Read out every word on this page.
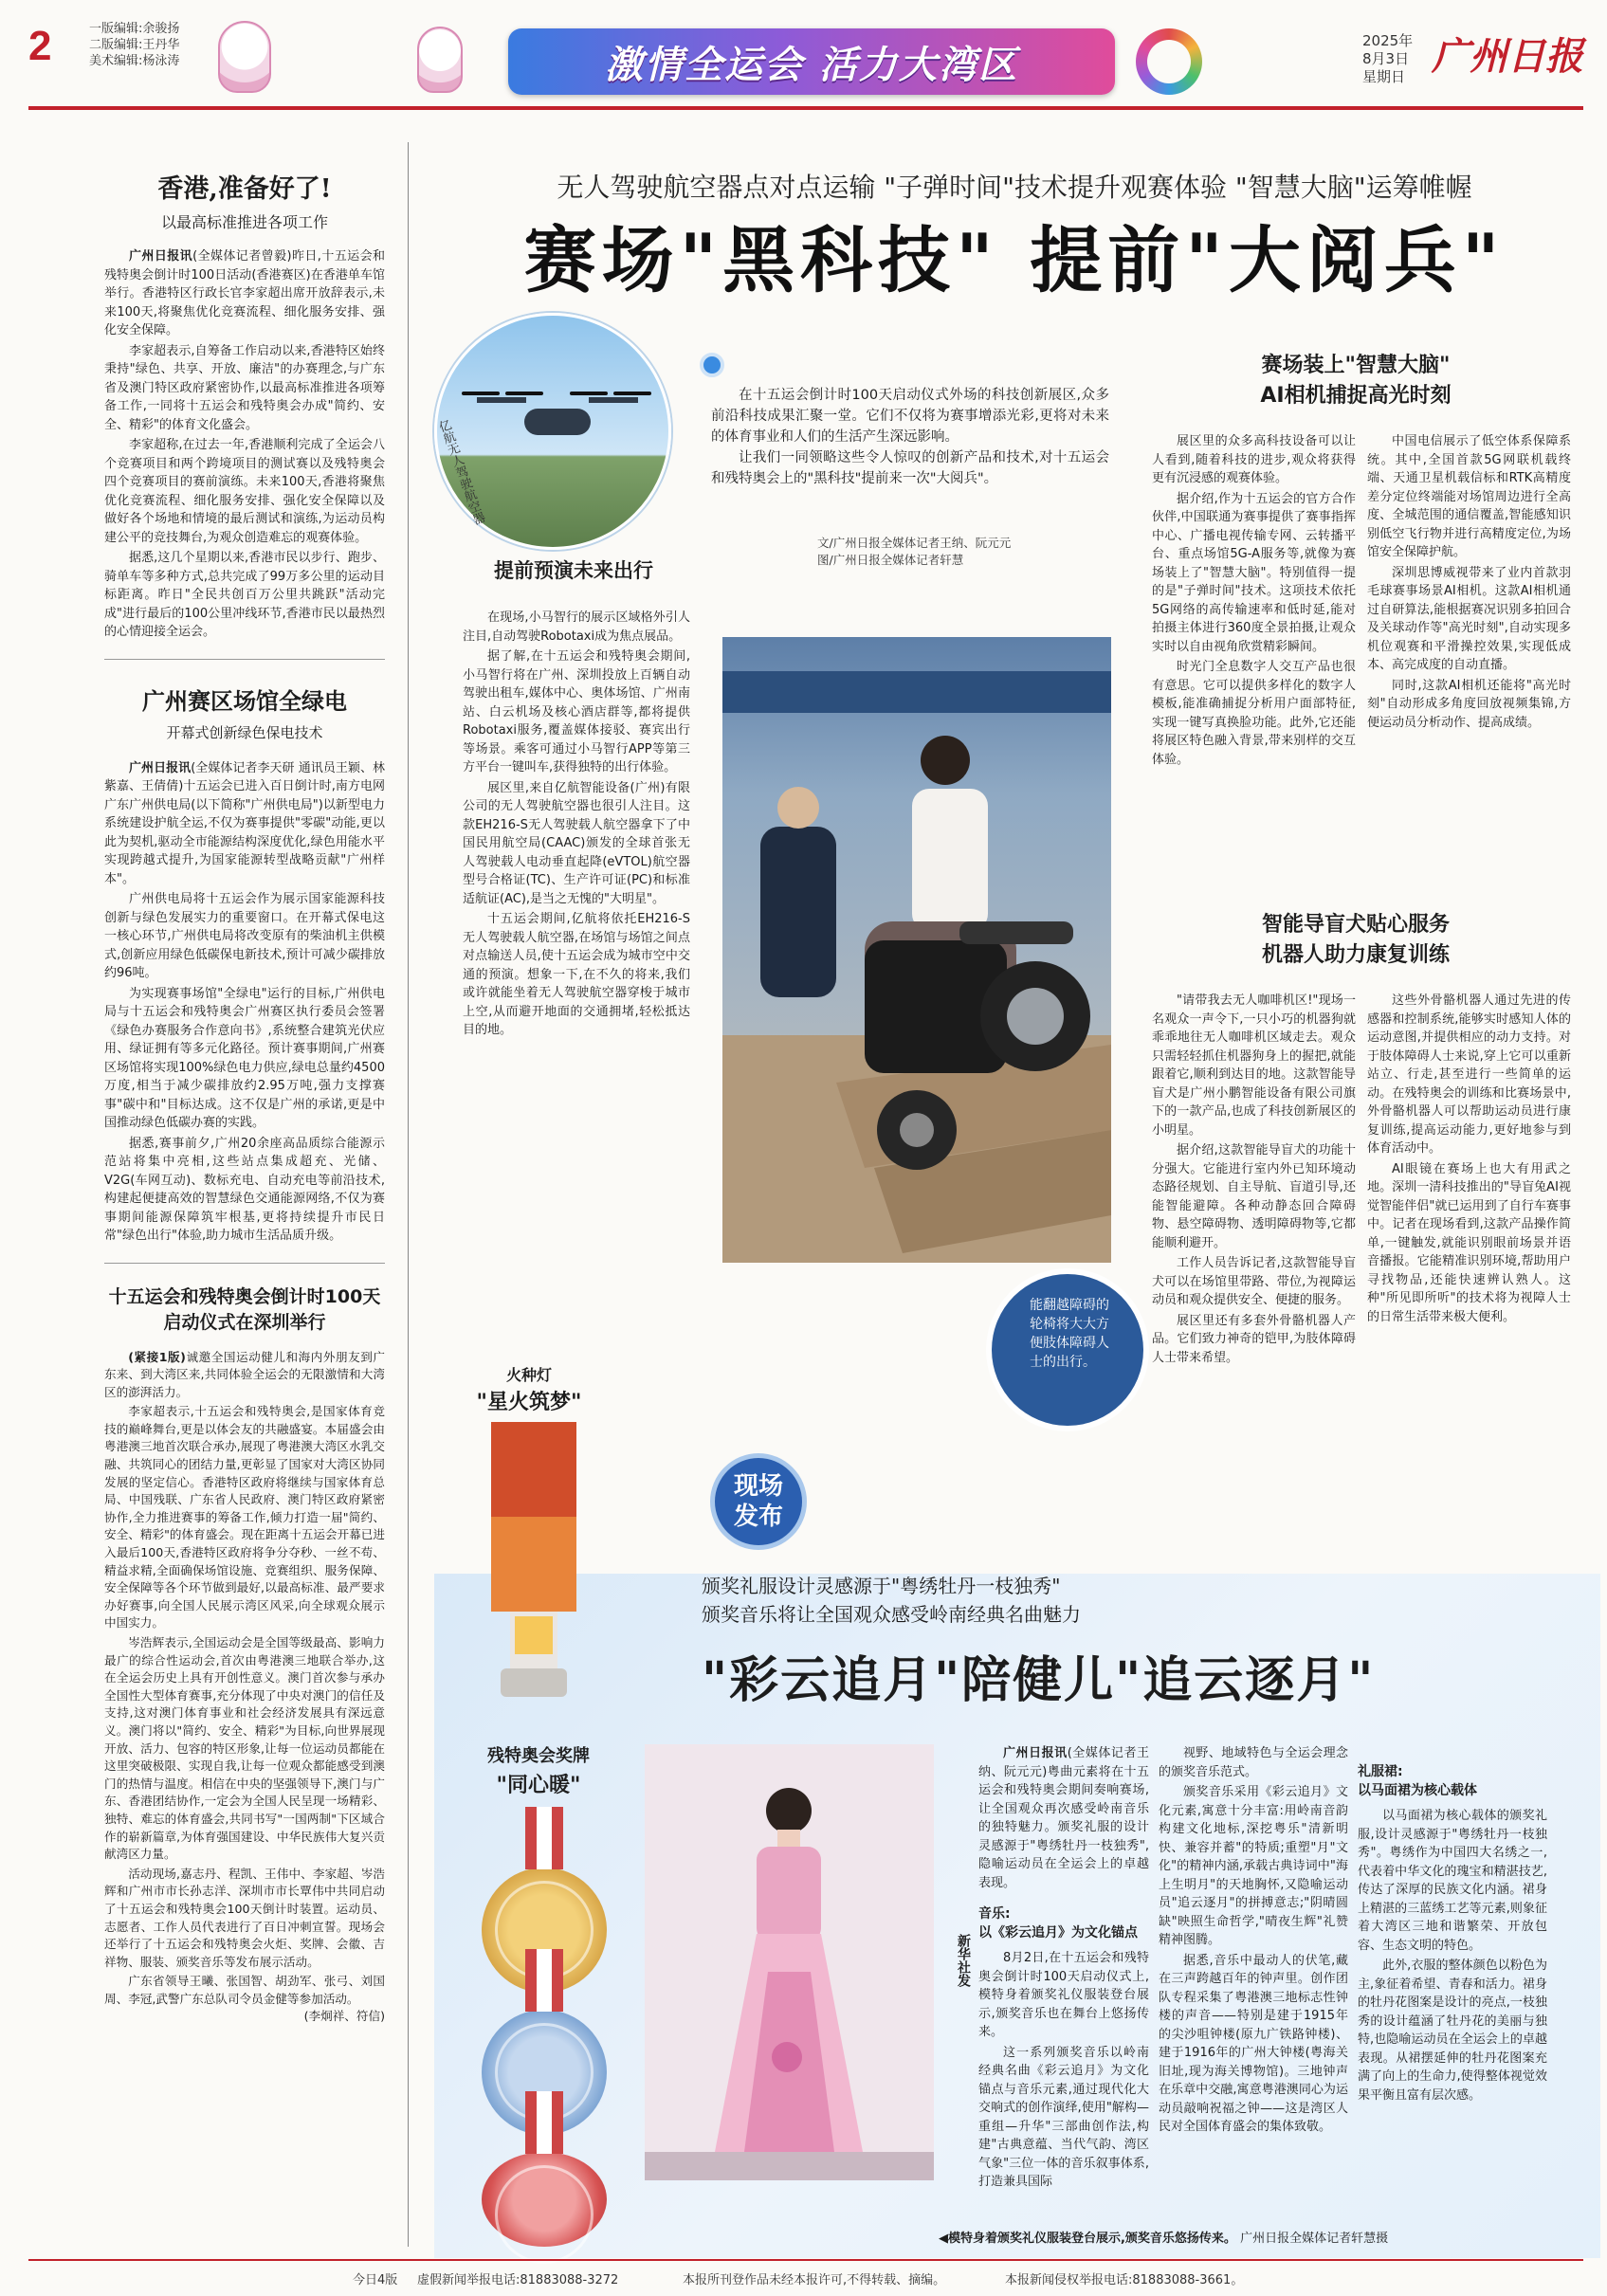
2	一版编辑:余骏扬
二版编辑:王丹华
美术编辑:杨泳涛	激情全运会 活力大湾区
2025年
8月3日
星期日 广州日报
香港,准备好了!
以最高标准推进各项工作

广州日报讯(全媒体记者曾毅)昨日,十五运会和残特奥会倒计时100日活动(香港赛区)在香港单车馆举行。香港特区行政长官李家超出席开放辞表示,未来100天,将聚焦优化竞赛流程、细化服务安排、强化安全保障。

李家超表示,自筹备工作启动以来,香港特区始终秉持"绿色、共享、开放、廉洁"的办赛理念,与广东省及澳门特区政府紧密协作,以最高标准推进各项筹备工作,一同将十五运会和残特奥会办成"简约、安全、精彩"的体育文化盛会。

李家超称,在过去一年,香港顺利完成了全运会八个竞赛项目和两个跨境项目的测试赛以及残特奥会四个竞赛项目的赛前演练。未来100天,香港将聚焦优化竞赛流程、细化服务安排、强化安全保障以及做好各个场地和情境的最后测试和演练,为运动员构建公平的竞技舞台,为观众创造难忘的观赛体验。

据悉,这几个星期以来,香港市民以步行、跑步、骑单车等多种方式,总共完成了99万多公里的运动目标距离。昨日"全民共创百万公里共跳跃"活动完成"进行最后的100公里冲线环节,香港市民以最热烈的心情迎接全运会。

广州赛区场馆全绿电
开幕式创新绿色保电技术

广州日报讯(全媒体记者李天研 通讯员王颖、林紫嘉、王倩倩)十五运会已进入百日倒计时,南方电网广东广州供电局(以下简称"广州供电局")以新型电力系统建设护航全运,不仅为赛事提供"零碳"动能,更以此为契机,驱动全市能源结构深度优化,绿色用能水平实现跨越式提升,为国家能源转型战略贡献"广州样本"。

广州供电局将十五运会作为展示国家能源科技创新与绿色发展实力的重要窗口。在开幕式保电这一核心环节,广州供电局将改变原有的柴油机主供模式,创新应用绿色低碳保电新技术,预计可减少碳排放约96吨。

为实现赛事场馆"全绿电"运行的目标,广州供电局与十五运会和残特奥会广州赛区执行委员会签署《绿色办赛服务合作意向书》,系统整合建筑光伏应用、绿证拥有等多元化路径。预计赛事期间,广州赛区场馆将实现100%绿色电力供应,绿电总量约4500万度,相当于减少碳排放约2.95万吨,强力支撑赛事"碳中和"目标达成。这不仅是广州的承诺,更是中国推动绿色低碳办赛的实践。

据悉,赛事前夕,广州20余座高品质综合能源示范站将集中亮相,这些站点集成超充、光储、V2G(车网互动)、数标充电、自动充电等前沿技术,构建起便捷高效的智慧绿色交通能源网络,不仅为赛事期间能源保障筑牢根基,更将持续提升市民日常"绿色出行"体验,助力城市生活品质升级。

十五运会和残特奥会倒计时100天启动仪式在深圳举行

(紧接1版)诚邀全国运动健儿和海内外朋友到广东来、到大湾区来,共同体验全运会的无限激情和大湾区的澎湃活力。

李家超表示,十五运会和残特奥会,是国家体育竞技的巅峰舞台,更是以体会友的共融盛宴。本届盛会由粤港澳三地首次联合承办,展现了粤港澳大湾区水乳交融、共筑同心的团结力量,更彰显了国家对大湾区协同发展的坚定信心。香港特区政府将继续与国家体育总局、中国残联、广东省人民政府、澳门特区政府紧密协作,全力推进赛事的筹备工作,倾力打造一届"简约、安全、精彩"的体育盛会。现在距离十五运会开幕已进入最后100天,香港特区政府将争分夺秒、一丝不苟、精益求精,全面确保场馆设施、竞赛组织、服务保障、安全保障等各个环节做到最好,以最高标准、最严要求办好赛事,向全国人民展示湾区风采,向全球观众展示中国实力。

岑浩辉表示,全国运动会是全国等级最高、影响力最广的综合性运动会,首次由粤港澳三地联合举办,这在全运会历史上具有开创性意义。澳门首次参与承办全国性大型体育赛事,充分体现了中央对澳门的信任及支持,这对澳门体育事业和社会经济发展具有深远意义。澳门将以"简约、安全、精彩"为目标,向世界展现开放、活力、包容的特区形象,让每一位运动员都能在这里突破极限、实现自我,让每一位观众都能感受到澳门的热情与温度。相信在中央的坚强领导下,澳门与广东、香港团结协作,一定会为全国人民呈现一场精彩、独特、难忘的体育盛会,共同书写"一国两制"下区域合作的崭新篇章,为体育强国建设、中华民族伟大复兴贡献湾区力量。

活动现场,嘉志丹、程凯、王伟中、李家超、岑浩辉和广州市市长孙志洋、深圳市市长覃伟中共同启动了十五运会和残特奥会100天倒计时装置。运动员、志愿者、工作人员代表进行了百日冲刺宣誓。现场会还举行了十五运会和残特奥会火炬、奖牌、会徽、吉祥物、服装、颁奖音乐等发布展示活动。

广东省领导王曦、张国智、胡劲军、张弓、刘国周、李冠,武警广东总队司令员金健等参加活动。
(李炯祥、符信)

无人驾驶航空器点对点运输 "子弹时间"技术提升观赛体验 "智慧大脑"运筹帷幄
赛场"黑科技" 提前"大阅兵"
亿航无人驾驶航空器

在十五运会倒计时100天启动仪式外场的科技创新展区,众多前沿科技成果汇聚一堂。它们不仅将为赛事增添光彩,更将对未来的体育事业和人们的生活产生深远影响。

让我们一同领略这些令人惊叹的创新产品和技术,对十五运会和残特奥会上的"黑科技"提前来一次"大阅兵"。

文/广州日报全媒体记者王纳、阮元元
图/广州日报全媒体记者轩慧
提前预演未来出行

在现场,小马智行的展示区域格外引人注目,自动驾驶Robotaxi成为焦点展品。

据了解,在十五运会和残特奥会期间,小马智行将在广州、深圳投放上百辆自动驾驶出租车,媒体中心、奥体场馆、广州南站、白云机场及核心酒店群等,都将提供Robotaxi服务,覆盖媒体接驳、赛宾出行等场景。乘客可通过小马智行APP等第三方平台一键叫车,获得独特的出行体验。

展区里,来自亿航智能设备(广州)有限公司的无人驾驶航空器也很引人注目。这款EH216-S无人驾驶载人航空器拿下了中国民用航空局(CAAC)颁发的全球首张无人驾驶载人电动垂直起降(eVTOL)航空器型号合格证(TC)、生产许可证(PC)和标准适航证(AC),是当之无愧的"大明星"。

十五运会期间,亿航将依托EH216-S无人驾驶载人航空器,在场馆与场馆之间点对点输送人员,使十五运会成为城市空中交通的预演。想象一下,在不久的将来,我们或许就能坐着无人驾驶航空器穿梭于城市上空,从而避开地面的交通拥堵,轻松抵达目的地。

能翻越障碍的轮椅将大大方便肢体障碍人士的出行。
赛场装上"智慧大脑"
AI相机捕捉高光时刻

展区里的众多高科技设备可以让人看到,随着科技的进步,观众将获得更有沉浸感的观赛体验。

据介绍,作为十五运会的官方合作伙伴,中国联通为赛事提供了赛事指挥中心、广播电视传输专网、云转播平台、重点场馆5G-A服务等,就像为赛场装上了"智慧大脑"。特别值得一提的是"子弹时间"技术。这项技术依托5G网络的高传输速率和低时延,能对拍摄主体进行360度全景拍摄,让观众实时以自由视角欣赏精彩瞬间。

时光门全息数字人交互产品也很有意思。它可以提供多样化的数字人模板,能准确捕捉分析用户面部特征,实现一键写真换脸功能。此外,它还能将展区特色融入背景,带来别样的交互体验。

中国电信展示了低空体系保障系统。其中,全国首款5G网联机载终端、天通卫星机载信标和RTK高精度差分定位终端能对场馆周边进行全高度、全城范围的通信覆盖,智能感知识别低空飞行物并进行高精度定位,为场馆安全保障护航。

深圳思博威视带来了业内首款羽毛球赛事场景AI相机。这款AI相机通过自研算法,能根据赛况识别多拍回合及关球动作等"高光时刻",自动实现多机位观赛和平滑操控效果,实现低成本、高完成度的自动直播。

同时,这款AI相机还能将"高光时刻"自动形成多角度回放视频集锦,方便运动员分析动作、提高成绩。

智能导盲犬贴心服务
机器人助力康复训练

"请带我去无人咖啡机区!"现场一名观众一声令下,一只小巧的机器狗就乖乖地往无人咖啡机区域走去。观众只需轻轻抓住机器狗身上的握把,就能跟着它,顺利到达目的地。这款智能导盲犬是广州小鹏智能设备有限公司旗下的一款产品,也成了科技创新展区的小明星。

据介绍,这款智能导盲犬的功能十分强大。它能进行室内外已知环境动态路径规划、自主导航、盲道引导,还能智能避障。各种动静态回合障碍物、悬空障碍物、透明障碍物等,它都能顺利避开。

工作人员告诉记者,这款智能导盲犬可以在场馆里带路、带位,为视障运动员和观众提供安全、便捷的服务。

展区里还有多套外骨骼机器人产品。它们致力神奇的铠甲,为肢体障碍人士带来希望。

这些外骨骼机器人通过先进的传感器和控制系统,能够实时感知人体的运动意图,并提供相应的动力支持。对于肢体障碍人士来说,穿上它可以重新站立、行走,甚至进行一些简单的运动。在残特奥会的训练和比赛场景中,外骨骼机器人可以帮助运动员进行康复训练,提高运动能力,更好地参与到体育活动中。

AI眼镜在赛场上也大有用武之地。深圳一清科技推出的"导盲兔AI视觉智能伴侣"就已运用到了自行车赛事中。记者在现场看到,这款产品操作简单,一键触发,就能识别眼前场景并语音播报。它能精准识别环境,帮助用户寻找物品,还能快速辨认熟人。这种"所见即所听"的技术将为视障人士的日常生活带来极大便利。

火种灯
"星火筑梦"
残特奥会奖牌
"同心暖"
现场发布
颁奖礼服设计灵感源于"粤绣牡丹一枝独秀"
颁奖音乐将让全国观众感受岭南经典名曲魅力
"彩云追月"陪健儿"追云逐月"
新华社发

广州日报讯(全媒体记者王纳、阮元元)粤曲元素将在十五运会和残特奥会期间奏响赛场,让全国观众再次感受岭南音乐的独特魅力。颁奖礼服的设计灵感源于"粤绣牡丹一枝独秀",隐喻运动员在全运会上的卓越表现。

音乐:
以《彩云追月》为文化锚点

8月2日,在十五运会和残特奥会倒计时100天启动仪式上,模特身着颁奖礼仪服装登台展示,颁奖音乐也在舞台上悠扬传来。

这一系列颁奖音乐以岭南经典名曲《彩云追月》为文化锚点与音乐元素,通过现代化大交响式的创作演绎,使用"解构—重组—升华"三部曲创作法,构建"古典意蕴、当代气韵、湾区气象"三位一体的音乐叙事体系,打造兼具国际

视野、地域特色与全运会理念的颁奖音乐范式。

颁奖音乐采用《彩云追月》文化元素,寓意十分丰富:用岭南音韵构建文化地标,深挖粤乐"清新明快、兼容并蓄"的特质;重塑"月"文化"的精神内涵,承载古典诗词中"海上生明月"的天地胸怀,又隐喻运动员"追云逐月"的拼搏意志;"阴晴圆缺"映照生命哲学,"晴夜生辉"礼赞精神图腾。

据悉,音乐中最动人的伏笔,藏在三声跨越百年的钟声里。创作团队专程采集了粤港澳三地标志性钟楼的声音——特别是建于1915年的尖沙咀钟楼(原九广铁路钟楼)、建于1916年的广州大钟楼(粤海关旧址,现为海关博物馆)。三地钟声在乐章中交融,寓意粤港澳同心为运动员敲响祝福之钟——这是湾区人民对全国体育盛会的集体致敬。

礼服裙:
以马面裙为核心载体

以马面裙为核心载体的颁奖礼服,设计灵感源于"粤绣牡丹一枝独秀"。粤绣作为中国四大名绣之一,代表着中华文化的瑰宝和精湛技艺,传达了深厚的民族文化内涵。裙身上精湛的三蓝绣工艺等元素,则象征着大湾区三地和谐繁荣、开放包容、生态文明的特色。

此外,衣服的整体颜色以粉色为主,象征着希望、青春和活力。裙身的牡丹花图案是设计的亮点,一枝独秀的设计蕴涵了牡丹花的美丽与独特,也隐喻运动员在全运会上的卓越表现。从裙摆延伸的牡丹花图案充满了向上的生命力,使得整体视觉效果平衡且富有层次感。

◀模特身着颁奖礼仪服装登台展示,颁奖音乐悠扬传来。 广州日报全媒体记者轩慧摄
今日4版 虚假新闻举报电话:81883088-3272	本报所刊登作品未经本报许可,不得转载、摘编。	本报新闻侵权举报电话:81883088-3661。
